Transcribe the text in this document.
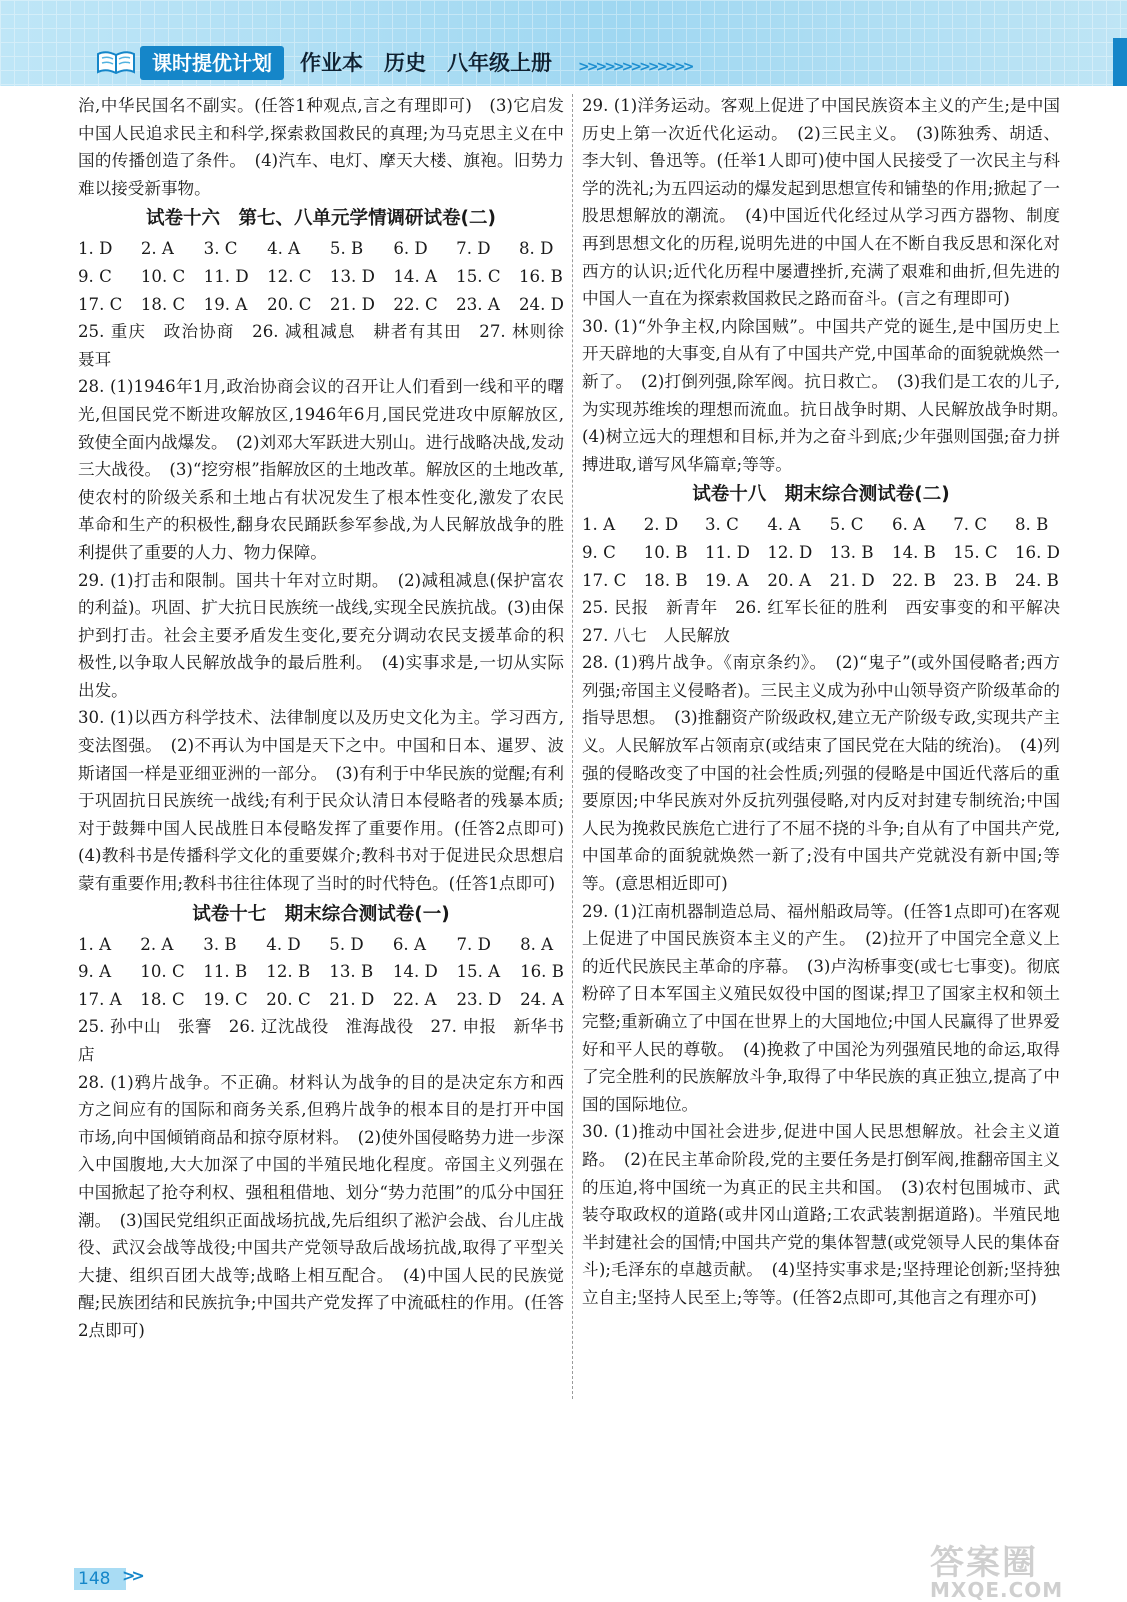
课时提优计划	作业本　历史　八年级上册 >>>>>>>>>>>>>

治,中华民国名不副实。(任答1种观点,言之有理即可)　(3)它启发中国人民追求民主和科学,探索救国救民的真理;为马克思主义在中国的传播创造了条件。　(4)汽车、电灯、摩天大楼、旗袍。旧势力难以接受新事物。

试卷十六　第七、八单元学情调研试卷(二)
1. D	2. A	3. C	4. A	5. B	6. D	7. D	8. D
9. C	10. C 11. D 12. C 13. D 14. A 15. C 16. B
17. C 18. C 19. A 20. C 21. D 22. C 23. A 24. D

25. 重庆　政治协商　26. 减租减息　耕者有其田　27. 林则徐　聂耳

28. (1)1946年1月,政治协商会议的召开让人们看到一线和平的曙光,但国民党不断进攻解放区,1946年6月,国民党进攻中原解放区,致使全面内战爆发。　(2)刘邓大军跃进大别山。进行战略决战,发动三大战役。　(3)“挖穷根”指解放区的土地改革。解放区的土地改革,使农村的阶级关系和土地占有状况发生了根本性变化,激发了农民革命和生产的积极性,翻身农民踊跃参军参战,为人民解放战争的胜利提供了重要的人力、物力保障。

29. (1)打击和限制。国共十年对立时期。　(2)减租减息(保护富农的利益)。巩固、扩大抗日民族统一战线,实现全民族抗战。(3)由保护到打击。社会主要矛盾发生变化,要充分调动农民支援革命的积极性,以争取人民解放战争的最后胜利。　(4)实事求是,一切从实际出发。

30. (1)以西方科学技术、法律制度以及历史文化为主。学习西方,变法图强。　(2)不再认为中国是天下之中。中国和日本、暹罗、波斯诸国一样是亚细亚洲的一部分。　(3)有利于中华民族的觉醒;有利于巩固抗日民族统一战线;有利于民众认清日本侵略者的残暴本质;对于鼓舞中国人民战胜日本侵略发挥了重要作用。(任答2点即可)　(4)教科书是传播科学文化的重要媒介;教科书对于促进民众思想启蒙有重要作用;教科书往往体现了当时的时代特色。(任答1点即可)

试卷十七　期末综合测试卷(一)
1. A	2. A	3. B	4. D	5. D	6. A	7. D	8. A
9. A	10. C 11. B 12. B 13. B 14. D 15. A 16. B
17. A 18. C 19. C 20. C 21. D 22. A 23. D 24. A

25. 孙中山　张謇　26. 辽沈战役　淮海战役　27. 申报　新华书店

28. (1)鸦片战争。不正确。材料认为战争的目的是决定东方和西方之间应有的国际和商务关系,但鸦片战争的根本目的是打开中国市场,向中国倾销商品和掠夺原材料。　(2)使外国侵略势力进一步深入中国腹地,大大加深了中国的半殖民地化程度。帝国主义列强在中国掀起了抢夺利权、强租租借地、划分“势力范围”的瓜分中国狂潮。　(3)国民党组织正面战场抗战,先后组织了淞沪会战、台儿庄战役、武汉会战等战役;中国共产党领导敌后战场抗战,取得了平型关大捷、组织百团大战等;战略上相互配合。　(4)中国人民的民族觉醒;民族团结和民族抗争;中国共产党发挥了中流砥柱的作用。(任答2点即可)

29. (1)洋务运动。客观上促进了中国民族资本主义的产生;是中国历史上第一次近代化运动。　(2)三民主义。　(3)陈独秀、胡适、李大钊、鲁迅等。(任举1人即可)使中国人民接受了一次民主与科学的洗礼;为五四运动的爆发起到思想宣传和铺垫的作用;掀起了一股思想解放的潮流。　(4)中国近代化经过从学习西方器物、制度再到思想文化的历程,说明先进的中国人在不断自我反思和深化对西方的认识;近代化历程中屡遭挫折,充满了艰难和曲折,但先进的中国人一直在为探索救国救民之路而奋斗。(言之有理即可)

30. (1)“外争主权,内除国贼”。中国共产党的诞生,是中国历史上开天辟地的大事变,自从有了中国共产党,中国革命的面貌就焕然一新了。　(2)打倒列强,除军阀。抗日救亡。　(3)我们是工农的儿子,为实现苏维埃的理想而流血。抗日战争时期、人民解放战争时期。　(4)树立远大的理想和目标,并为之奋斗到底;少年强则国强;奋力拼搏进取,谱写风华篇章;等等。

试卷十八　期末综合测试卷(二)
1. A	2. D	3. C	4. A	5. C	6. A	7. C	8. B
9. C	10. B 11. D 12. D 13. B 14. B 15. C 16. D
17. C 18. B 19. A 20. A 21. D 22. B 23. B 24. B

25. 民报　新青年　26. 红军长征的胜利　西安事变的和平解决　27. 八七　人民解放

28. (1)鸦片战争。《南京条约》。　(2)“鬼子”(或外国侵略者;西方列强;帝国主义侵略者)。三民主义成为孙中山领导资产阶级革命的指导思想。　(3)推翻资产阶级政权,建立无产阶级专政,实现共产主义。人民解放军占领南京(或结束了国民党在大陆的统治)。　(4)列强的侵略改变了中国的社会性质;列强的侵略是中国近代落后的重要原因;中华民族对外反抗列强侵略,对内反对封建专制统治;中国人民为挽救民族危亡进行了不屈不挠的斗争;自从有了中国共产党,中国革命的面貌就焕然一新了;没有中国共产党就没有新中国;等等。(意思相近即可)

29. (1)江南机器制造总局、福州船政局等。(任答1点即可)在客观上促进了中国民族资本主义的产生。　(2)拉开了中国完全意义上的近代民族民主革命的序幕。　(3)卢沟桥事变(或七七事变)。彻底粉碎了日本军国主义殖民奴役中国的图谋;捍卫了国家主权和领土完整;重新确立了中国在世界上的大国地位;中国人民赢得了世界爱好和平人民的尊敬。　(4)挽救了中国沦为列强殖民地的命运,取得了完全胜利的民族解放斗争,取得了中华民族的真正独立,提高了中国的国际地位。

30. (1)推动中国社会进步,促进中国人民思想解放。社会主义道路。　(2)在民主革命阶段,党的主要任务是打倒军阀,推翻帝国主义的压迫,将中国统一为真正的民主共和国。　(3)农村包围城市、武装夺取政权的道路(或井冈山道路;工农武装割据道路)。半殖民地半封建社会的国情;中国共产党的集体智慧(或党领导人民的集体奋斗);毛泽东的卓越贡献。　(4)坚持实事求是;坚持理论创新;坚持独立自主;坚持人民至上;等等。(任答2点即可,其他言之有理亦可)

148 >>	答案圈
MXQE.COM
